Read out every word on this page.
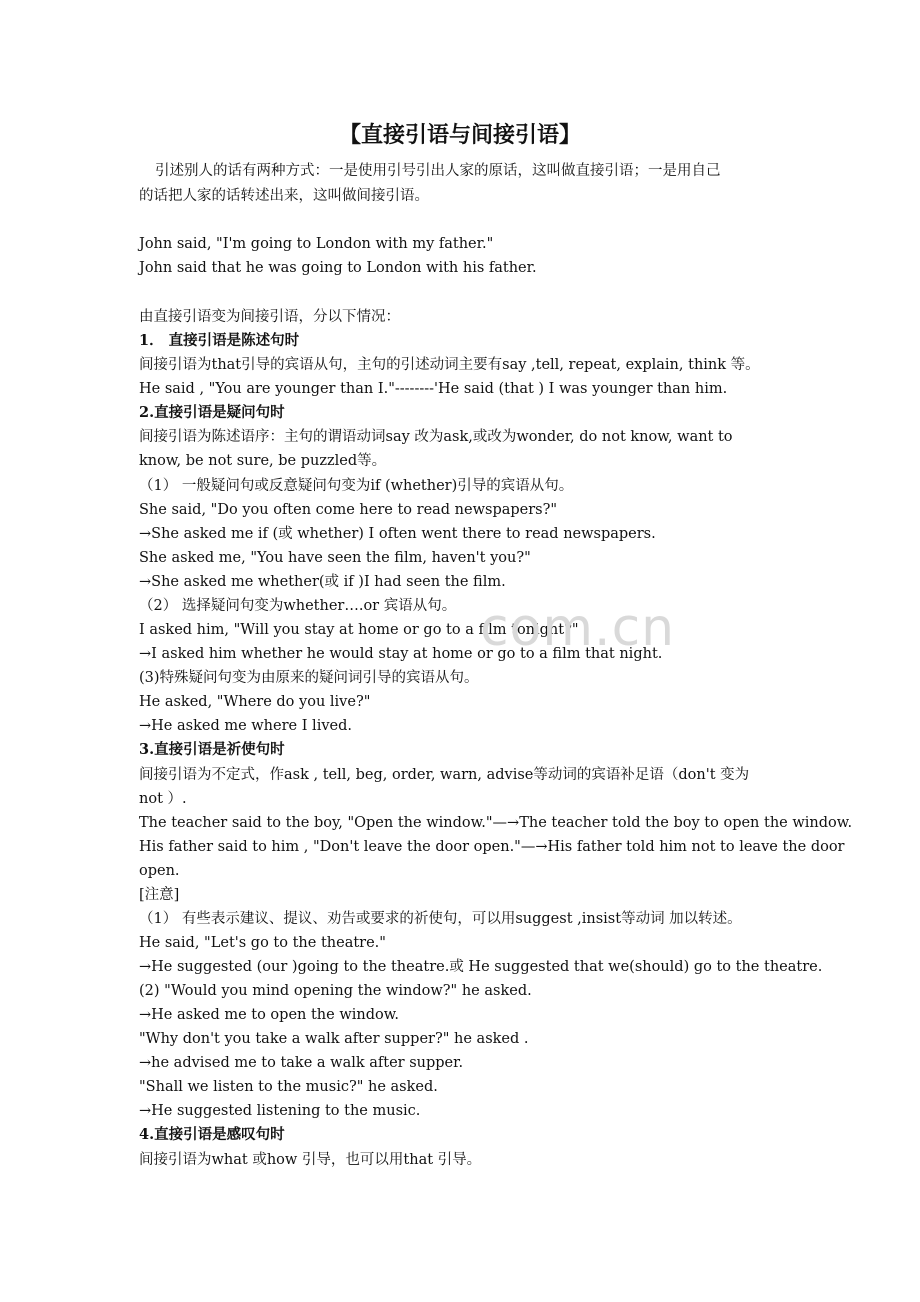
【直接引语与间接引语】
引述别人的话有两种方式：一是使用引号引出人家的原话，这叫做直接引语；一是用自己
的话把人家的话转述出来，这叫做间接引语。
John said, "I'm going to London with my father."
John said that he was going to London with his father.
由直接引语变为间接引语，分以下情况：
1． 直接引语是陈述句时
间接引语为that引导的宾语从句，主句的引述动词主要有say ,tell, repeat, explain, think 等。
He said , "You are younger than I."--------'He said (that ) I was younger than him.
2.直接引语是疑问句时
间接引语为陈述语序：主句的谓语动词say 改为ask,或改为wonder, do not know, want to
know, be not sure, be puzzled等。
（1） 一般疑问句或反意疑问句变为if (whether)引导的宾语从句。
She said, "Do you often come here to read newspapers?"
→She asked me if (或 whether) I often went there to read newspapers.
She asked me, "You have seen the film, haven't you?"
→She asked me whether(或 if )I had seen the film.
（2） 选择疑问句变为whether….or 宾语从句。
I asked him, "Will you stay at home or go to a film tonight?"
→I asked him whether he would stay at home or go to a film that night.
(3)特殊疑问句变为由原来的疑问词引导的宾语从句。
He asked, "Where do you live?"
→He asked me where I lived.
3.直接引语是祈使句时
间接引语为不定式，作ask , tell, beg, order, warn, advise等动词的宾语补足语（don't 变为
not ）.
The teacher said to the boy, "Open the window."—→The teacher told the boy to open the window.
His father said to him , "Don't leave the door open."—→His father told him not to leave the door
open.
[注意]
（1） 有些表示建议、提议、劝告或要求的祈使句，可以用suggest ,insist等动词 加以转述。
He said, "Let's go to the theatre."
→He suggested (our )going to the theatre.或 He suggested that we(should) go to the theatre.
(2) "Would you mind opening the window?" he asked.
→He asked me to open the window.
"Why don't you take a walk after supper?" he asked .
→he advised me to take a walk after supper.
"Shall we listen to the music?" he asked.
→He suggested listening to the music.
4.直接引语是感叹句时
间接引语为what 或how 引导，也可以用that 引导。
com.cn
